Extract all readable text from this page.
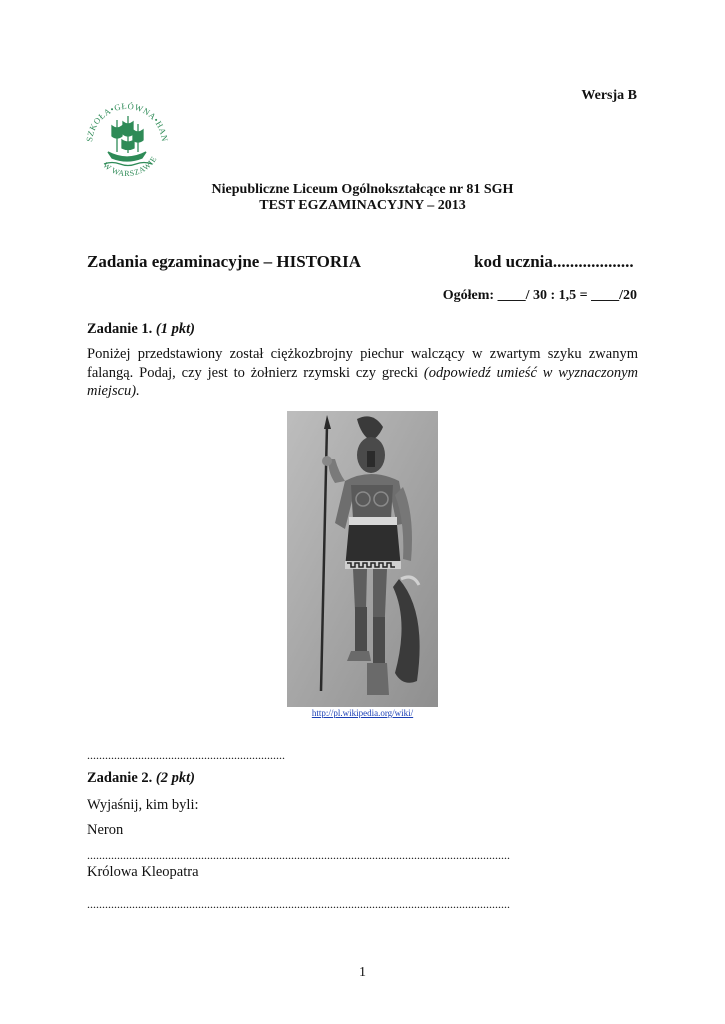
Wersja B
SZKOŁA•GŁÓWNA•HAN
W WARSZAWIE
Niepubliczne Liceum Ogólnokształcące nr 81 SGH
TEST EGZAMINACYJNY – 2013
Zadania egzaminacyjne – HISTORIA	kod ucznia...................
Ogółem: ____/ 30 : 1,5 = ____/20
Zadanie 1. (1 pkt)
Poniżej przedstawiony został ciężkozbrojny piechur walczący w zwartym szyku zwanym falangą. Podaj, czy jest to żołnierz rzymski czy grecki (odpowiedź umieść w wyznaczonym miejscu).
http://pl.wikipedia.org/wiki/
..................................................................
Zadanie 2. (2 pkt)
Wyjaśnij, kim byli:
Neron
.............................................................................................................................................
Królowa Kleopatra
.............................................................................................................................................
1
